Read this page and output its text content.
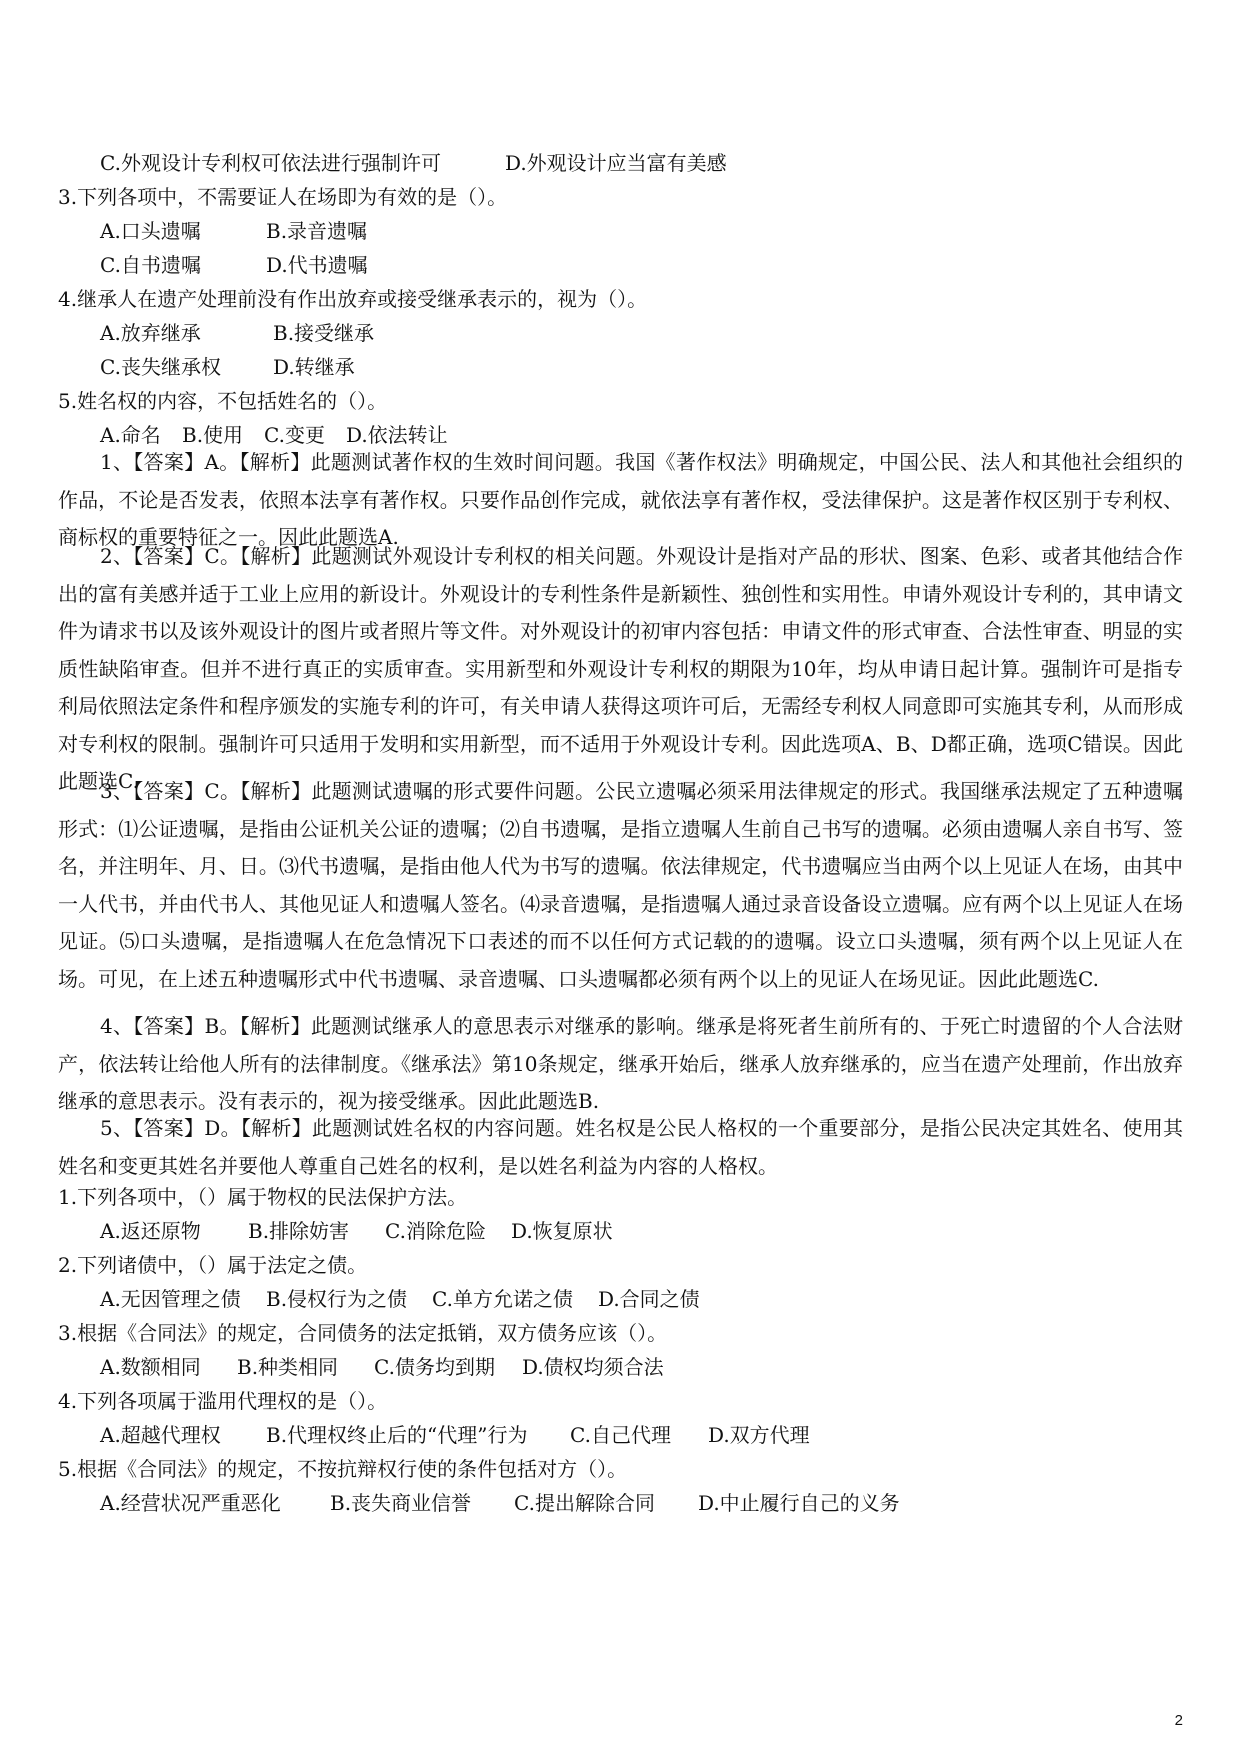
C.外观设计专利权可依法进行强制许可	D.外观设计应当富有美感
3.下列各项中，不需要证人在场即为有效的是（）。
A.口头遗嘱	B.录音遗嘱
C.自书遗嘱	D.代书遗嘱
4.继承人在遗产处理前没有作出放弃或接受继承表示的，视为（）。
A.放弃继承	B.接受继承
C.丧失继承权	D.转继承
5.姓名权的内容，不包括姓名的（）。
A.命名 B.使用 C.变更 D.依法转让
1、【答案】A。【解析】此题测试著作权的生效时间问题。我国《著作权法》明确规定，中国公民、法人和其他社会组织的作品，不论是否发表，依照本法享有著作权。只要作品创作完成，就依法享有著作权，受法律保护。这是著作权区别于专利权、商标权的重要特征之一。因此此题选A.
2、【答案】C。【解析】此题测试外观设计专利权的相关问题。外观设计是指对产品的形状、图案、色彩、或者其他结合作出的富有美感并适于工业上应用的新设计。外观设计的专利性条件是新颖性、独创性和实用性。申请外观设计专利的，其申请文件为请求书以及该外观设计的图片或者照片等文件。对外观设计的初审内容包括：申请文件的形式审查、合法性审查、明显的实质性缺陷审查。但并不进行真正的实质审查。实用新型和外观设计专利权的期限为10年，均从申请日起计算。强制许可是指专利局依照法定条件和程序颁发的实施专利的许可，有关申请人获得这项许可后，无需经专利权人同意即可实施其专利，从而形成对专利权的限制。强制许可只适用于发明和实用新型，而不适用于外观设计专利。因此选项A、B、D都正确，选项C错误。因此此题选C.
3、【答案】C。【解析】此题测试遗嘱的形式要件问题。公民立遗嘱必须采用法律规定的形式。我国继承法规定了五种遗嘱形式：⑴公证遗嘱，是指由公证机关公证的遗嘱；⑵自书遗嘱，是指立遗嘱人生前自己书写的遗嘱。必须由遗嘱人亲自书写、签名，并注明年、月、日。⑶代书遗嘱，是指由他人代为书写的遗嘱。依法律规定，代书遗嘱应当由两个以上见证人在场，由其中一人代书，并由代书人、其他见证人和遗嘱人签名。⑷录音遗嘱，是指遗嘱人通过录音设备设立遗嘱。应有两个以上见证人在场见证。⑸口头遗嘱，是指遗嘱人在危急情况下口表述的而不以任何方式记载的的遗嘱。设立口头遗嘱，须有两个以上见证人在场。可见，在上述五种遗嘱形式中代书遗嘱、录音遗嘱、口头遗嘱都必须有两个以上的见证人在场见证。因此此题选C.
4、【答案】B。【解析】此题测试继承人的意思表示对继承的影响。继承是将死者生前所有的、于死亡时遗留的个人合法财产，依法转让给他人所有的法律制度。《继承法》第10条规定，继承开始后，继承人放弃继承的，应当在遗产处理前，作出放弃继承的意思表示。没有表示的，视为接受继承。因此此题选B.
5、【答案】D。【解析】此题测试姓名权的内容问题。姓名权是公民人格权的一个重要部分，是指公民决定其姓名、使用其姓名和变更其姓名并要他人尊重自己姓名的权利，是以姓名利益为内容的人格权。
1.下列各项中，（）属于物权的民法保护方法。
A.返还原物 B.排除妨害 C.消除危险 D.恢复原状
2.下列诸债中，（）属于法定之债。
A.无因管理之债 B.侵权行为之债 C.单方允诺之债 D.合同之债
3.根据《合同法》的规定，合同债务的法定抵销，双方债务应该（）。
A.数额相同 B.种类相同 C.债务均到期 D.债权均须合法
4.下列各项属于滥用代理权的是（）。
A.超越代理权 B.代理权终止后的“代理”行为 C.自己代理 D.双方代理
5.根据《合同法》的规定，不按抗辩权行使的条件包括对方（）。
A.经营状况严重恶化 B.丧失商业信誉 C.提出解除合同 D.中止履行自己的义务
2
